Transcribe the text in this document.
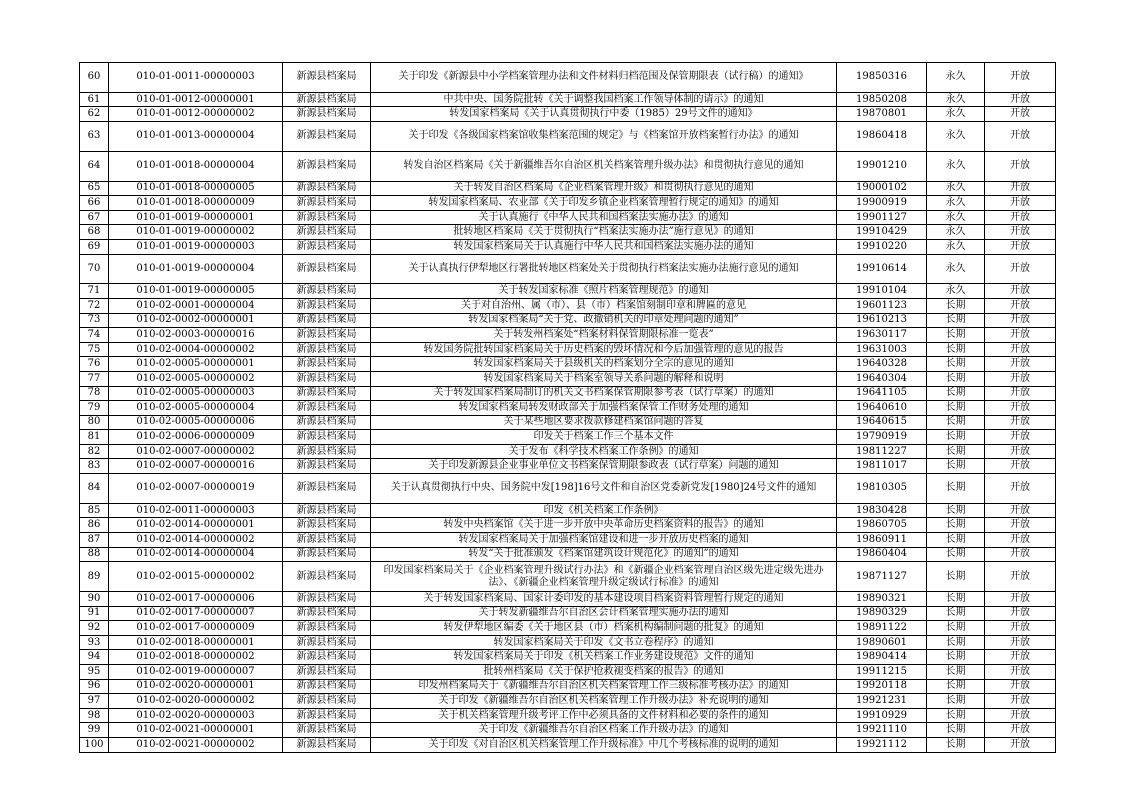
60	010-01-0011-00000003	新源县档案局	关于印发《新源县中小学档案管理办法和文件材料归档范围及保管期限表（试行稿）的通知》	19850316	永久	开放
61	010-01-0012-00000001	新源县档案局	中共中央、国务院批转《关于调整我国档案工作领导体制的请示》的通知	19850208	永久	开放
62	010-01-0012-00000002	新源县档案局	转发国家档案局《关于认真贯彻执行中委（1985）29号文件的通知》	19870801	永久	开放
63	010-01-0013-00000004	新源县档案局	关于印发《各级国家档案馆收集档案范围的规定》与《档案馆开放档案暂行办法》的通知	19860418	永久	开放
64	010-01-0018-00000004	新源县档案局	转发自治区档案局《关于新疆维吾尔自治区机关档案管理升级办法》和贯彻执行意见的通知	19901210	永久	开放
65	010-01-0018-00000005	新源县档案局	关于转发自治区档案局《企业档案管理升级》和贯彻执行意见的通知	19000102	永久	开放
66	010-01-0018-00000009	新源县档案局	转发国家档案局、农业部《关于印发乡镇企业档案管理暂行规定的通知》的通知	19900919	永久	开放
67	010-01-0019-00000001	新源县档案局	关于认真施行《中华人民共和国档案法实施办法》的通知	19901127	永久	开放
68	010-01-0019-00000002	新源县档案局	批转地区档案局《关于贯彻执行“档案法实施办法”施行意见》的通知	19910429	永久	开放
69	010-01-0019-00000003	新源县档案局	转发国家档案局关于认真施行中华人民共和国档案法实施办法的通知	19910220	永久	开放
70	010-01-0019-00000004	新源县档案局	关于认真执行伊犁地区行署批转地区档案处关于贯彻执行档案法实施办法施行意见的通知	19910614	永久	开放
71	010-01-0019-00000005	新源县档案局	关于转发国家标准《照片档案管理规范》的通知	19910104	永久	开放
72	010-02-0001-00000004	新源县档案局	关于对自治州、属（市）、县（市）档案馆刻制印章和牌匾的意见	19601123	长期	开放
73	010-02-0002-00000001	新源县档案局	转发国家档案局“关于党、政撤销机关的印章处理问题的通知”	19610213	长期	开放
74	010-02-0003-00000016	新源县档案局	关于转发州档案处“档案材料保管期限标准一览表”	19630117	长期	开放
75	010-02-0004-00000002	新源县档案局	转发国务院批转国家档案局关于历史档案的毁坏情况和今后加强管理的意见的报告	19631003	长期	开放
76	010-02-0005-00000001	新源县档案局	转发国家档案局关于县级机关的档案划分全宗的意见的通知	19640328	长期	开放
77	010-02-0005-00000002	新源县档案局	转发国家档案局关于档案室领导关系问题的解释和说明	19640304	长期	开放
78	010-02-0005-00000003	新源县档案局	关于转发国家档案局制订的机关文书档案保管期限参考表（试行草案）的通知	19641105	长期	开放
79	010-02-0005-00000004	新源县档案局	转发国家档案局转发财政部关于加强档案保管工作财务处理的通知	19640610	长期	开放
80	010-02-0005-00000006	新源县档案局	关于某些地区要求拨款修建档案馆问题的答复	19640615	长期	开放
81	010-02-0006-00000009	新源县档案局	印发关于档案工作三个基本文件	19790919	长期	开放
82	010-02-0007-00000002	新源县档案局	关于发布《科学技术档案工作条例》的通知	19811227	长期	开放
83	010-02-0007-00000016	新源县档案局	关于印发新源县企业事业单位文书档案保管期限参政表（试行草案）问题的通知	19811017	长期	开放
84	010-02-0007-00000019	新源县档案局	关于认真贯彻执行中央、国务院中发[198]16号文件和自治区党委新党发[1980]24号文件的通知	19810305	长期	开放
85	010-02-0011-00000003	新源县档案局	印发《机关档案工作条例》	19830428	长期	开放
86	010-02-0014-00000001	新源县档案局	转发中央档案馆《关于进一步开放中央革命历史档案资料的报告》的通知	19860705	长期	开放
87	010-02-0014-00000002	新源县档案局	转发国家档案局关于加强档案馆建设和进一步开放历史档案的通知	19860911	长期	开放
88	010-02-0014-00000004	新源县档案局	转发“关于批准颁发《档案馆建筑设计规范化》的通知”的通知	19860404	长期	开放
89	010-02-0015-00000002	新源县档案局	印发国家档案局关于《企业档案管理升级试行办法》和《新疆企业档案管理自治区级先进定级先进办法》、《新疆企业档案管理升级定级试行标准》的通知	19871127	长期	开放
90	010-02-0017-00000006	新源县档案局	关于转发国家档案局、国家计委印发的基本建设项目档案资料管理暂行规定的通知	19890321	长期	开放
91	010-02-0017-00000007	新源县档案局	关于转发新疆维吾尔自治区会计档案管理实施办法的通知	19890329	长期	开放
92	010-02-0017-00000009	新源县档案局	转发伊犁地区编委《关于地区县（市）档案机构编制问题的批复》的通知	19891122	长期	开放
93	010-02-0018-00000001	新源县档案局	转发国家档案局关于印发《文书立卷程序》的通知	19890601	长期	开放
94	010-02-0018-00000002	新源县档案局	转发国家档案局关于印发《机关档案工作业务建设规范》文件的通知	19890414	长期	开放
95	010-02-0019-00000007	新源县档案局	批转州档案局《关于保护抢救褪变档案的报告》的通知	19911215	长期	开放
96	010-02-0020-00000001	新源县档案局	印发州档案局关于《新疆维吾尔自治区机关档案管理工作三级标准考核办法》的通知	19920118	长期	开放
97	010-02-0020-00000002	新源县档案局	关于印发《新疆维吾尔自治区机关档案管理工作升级办法》补充说明的通知	19921231	长期	开放
98	010-02-0020-00000003	新源县档案局	关于机关档案管理升级考评工作中必须具备的文件材料和必要的条件的通知	19910929	长期	开放
99	010-02-0021-00000001	新源县档案局	关于印发《新疆维吾尔自治区档案工作升级办法》的通知	19921110	长期	开放
100	010-02-0021-00000002	新源县档案局	关于印发《对自治区机关档案管理工作升级标准》中几个考核标准的说明的通知	19921112	长期	开放
